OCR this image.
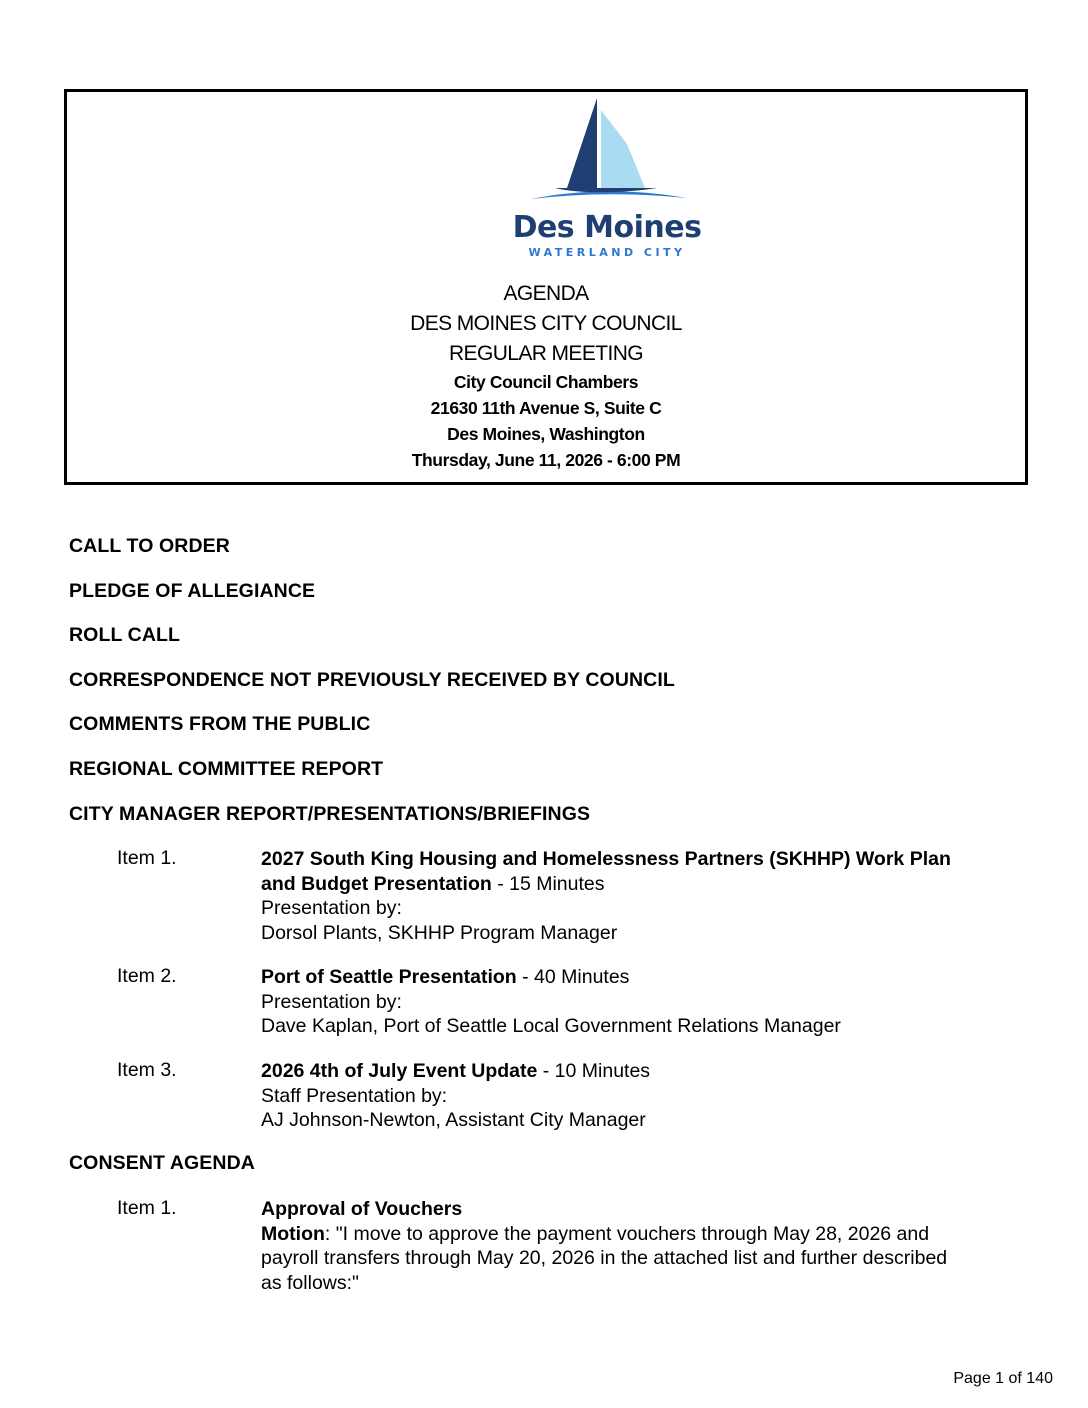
Des Moines
WATERLAND CITY
AGENDA
DES MOINES CITY COUNCIL
REGULAR MEETING
City Council Chambers
21630 11th Avenue S, Suite C
Des Moines, Washington
Thursday, June 11, 2026 - 6:00 PM
CALL TO ORDER
PLEDGE OF ALLEGIANCE
ROLL CALL
CORRESPONDENCE NOT PREVIOUSLY RECEIVED BY COUNCIL
COMMENTS FROM THE PUBLIC
REGIONAL COMMITTEE REPORT
CITY MANAGER REPORT/PRESENTATIONS/BRIEFINGS
Item 1.	2027 South King Housing and Homelessness Partners (SKHHP) Work Plan
and Budget Presentation - 15 Minutes
Presentation by:
Dorsol Plants, SKHHP Program Manager
Item 2.	Port of Seattle Presentation - 40 Minutes
Presentation by:
Dave Kaplan, Port of Seattle Local Government Relations Manager
Item 3.	2026 4th of July Event Update - 10 Minutes
Staff Presentation by:
AJ Johnson-Newton, Assistant City Manager
CONSENT AGENDA
Item 1.	Approval of Vouchers
Motion: "I move to approve the payment vouchers through May 28, 2026 and
payroll transfers through May 20, 2026 in the attached list and further described
as follows:"
Page 1 of 140
